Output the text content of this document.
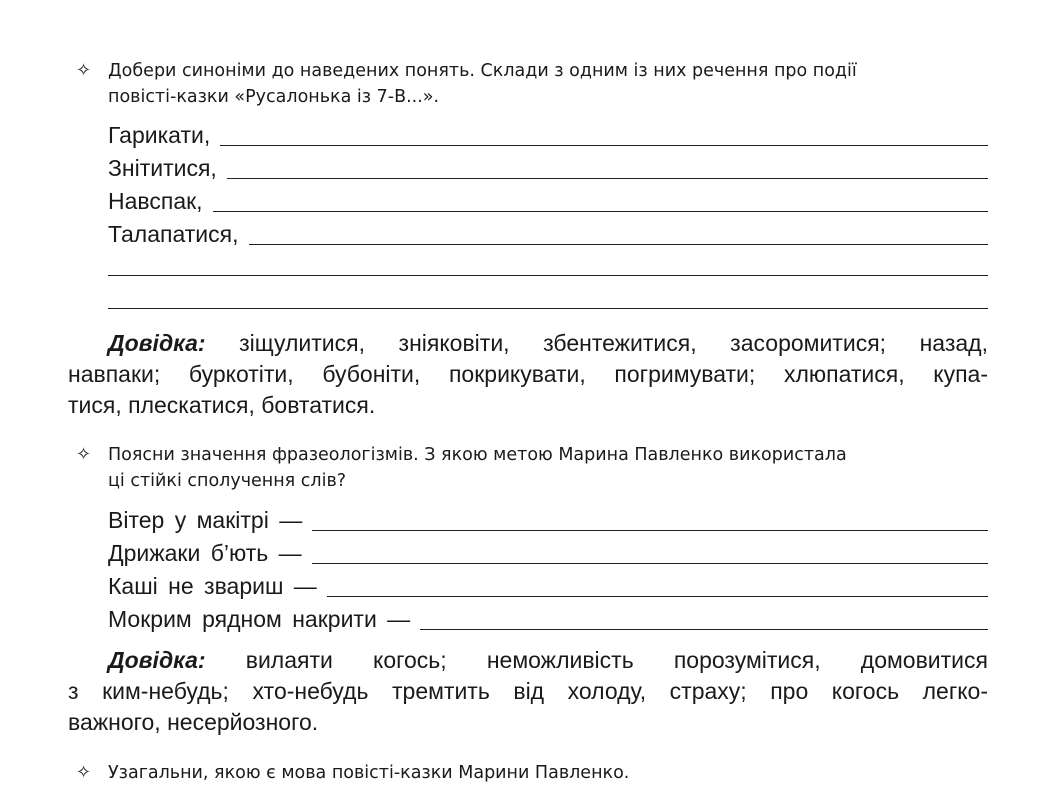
✧ Добери синоніми до наведених понять. Склади з одним із них речення про події
повісті-казки «Русалонька із 7-В...».
Гарикати,
Знітитися,
Навспак,
Талапатися,
Довідка: зіщулитися, зніяковіти, збентежитися, засоромитися; назад,
навпаки; буркотіти, бубоніти, покрикувати, погримувати; хлюпатися, купа-
тися, плескатися, бовтатися.
✧ Поясни значення фразеологізмів. З якою метою Марина Павленко використала
ці стійкі сполучення слів?
Вітер у макітрі —
Дрижаки б’ють —
Каші не звариш —
Мокрим рядном накрити —
Довідка: вилаяти когось; неможливість порозумітися, домовитися
з ким-небудь; хто-небудь тремтить від холоду, страху; про когось легко-
важного, несерйозного.
✧ Узагальни, якою є мова повісті-казки Марини Павленко.
